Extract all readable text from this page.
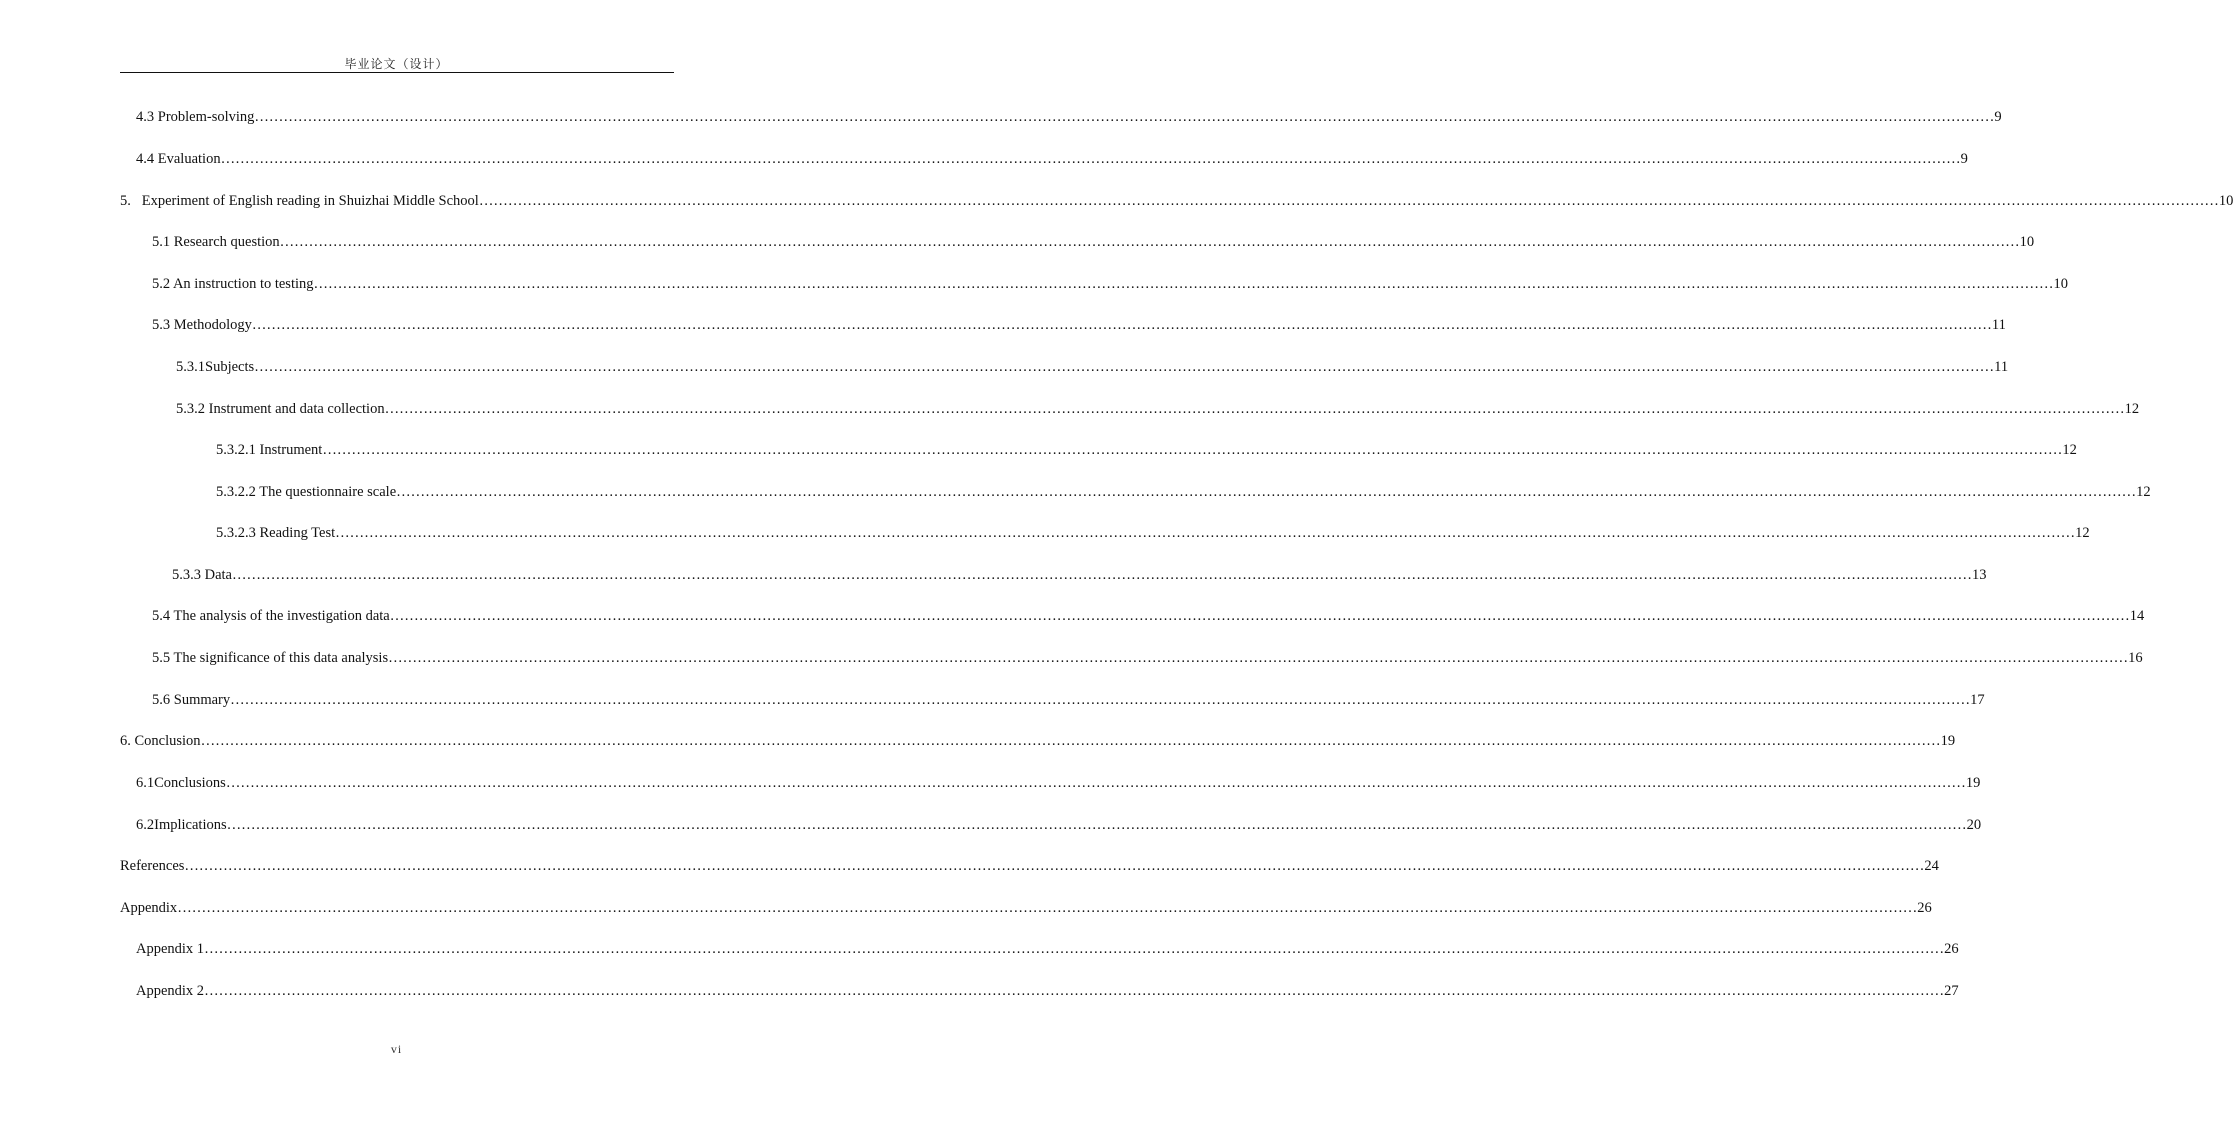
毕业论文（设计）
4.3 Problem-solving ……………………………………………………………………………………………………………………………………………………………………………………………………………………………………………………………………………………………………………………………… 9
4.4 Evaluation ……………………………………………………………………………………………………………………………………………………………………………………………………………………………………………………………………………………………………………………………… 9
5.   Experiment of English reading in Shuizhai Middle School ……………………………………………………………………………………………………………………………………………………………………………………………………………………………………………………………………………………………………………………………… 10
5.1 Research question ……………………………………………………………………………………………………………………………………………………………………………………………………………………………………………………………………………………………………………………………… 10
5.2 An instruction to testing ……………………………………………………………………………………………………………………………………………………………………………………………………………………………………………………………………………………………………………………………… 10
5.3 Methodology ……………………………………………………………………………………………………………………………………………………………………………………………………………………………………………………………………………………………………………………………… 11
5.3.1Subjects ……………………………………………………………………………………………………………………………………………………………………………………………………………………………………………………………………………………………………………………………… 11
5.3.2 Instrument and data collection ……………………………………………………………………………………………………………………………………………………………………………………………………………………………………………………………………………………………………………………………… 12
5.3.2.1 Instrument ……………………………………………………………………………………………………………………………………………………………………………………………………………………………………………………………………………………………………………………………… 12
5.3.2.2 The questionnaire scale ……………………………………………………………………………………………………………………………………………………………………………………………………………………………………………………………………………………………………………………………… 12
5.3.2.3 Reading Test ……………………………………………………………………………………………………………………………………………………………………………………………………………………………………………………………………………………………………………………………… 12
5.3.3 Data ……………………………………………………………………………………………………………………………………………………………………………………………………………………………………………………………………………………………………………………………… 13
5.4 The analysis of the investigation data ……………………………………………………………………………………………………………………………………………………………………………………………………………………………………………………………………………………………………………………………… 14
5.5 The significance of this data analysis ……………………………………………………………………………………………………………………………………………………………………………………………………………………………………………………………………………………………………………………………… 16
5.6 Summary ……………………………………………………………………………………………………………………………………………………………………………………………………………………………………………………………………………………………………………………………… 17
6. Conclusion ……………………………………………………………………………………………………………………………………………………………………………………………………………………………………………………………………………………………………………………………… 19
6.1Conclusions ……………………………………………………………………………………………………………………………………………………………………………………………………………………………………………………………………………………………………………………………… 19
6.2Implications ……………………………………………………………………………………………………………………………………………………………………………………………………………………………………………………………………………………………………………………………… 20
References ……………………………………………………………………………………………………………………………………………………………………………………………………………………………………………………………………………………………………………………………… 24
Appendix ……………………………………………………………………………………………………………………………………………………………………………………………………………………………………………………………………………………………………………………………… 26
Appendix 1 ……………………………………………………………………………………………………………………………………………………………………………………………………………………………………………………………………………………………………………………………… 26
Appendix 2 ……………………………………………………………………………………………………………………………………………………………………………………………………………………………………………………………………………………………………………………………… 27
vi
